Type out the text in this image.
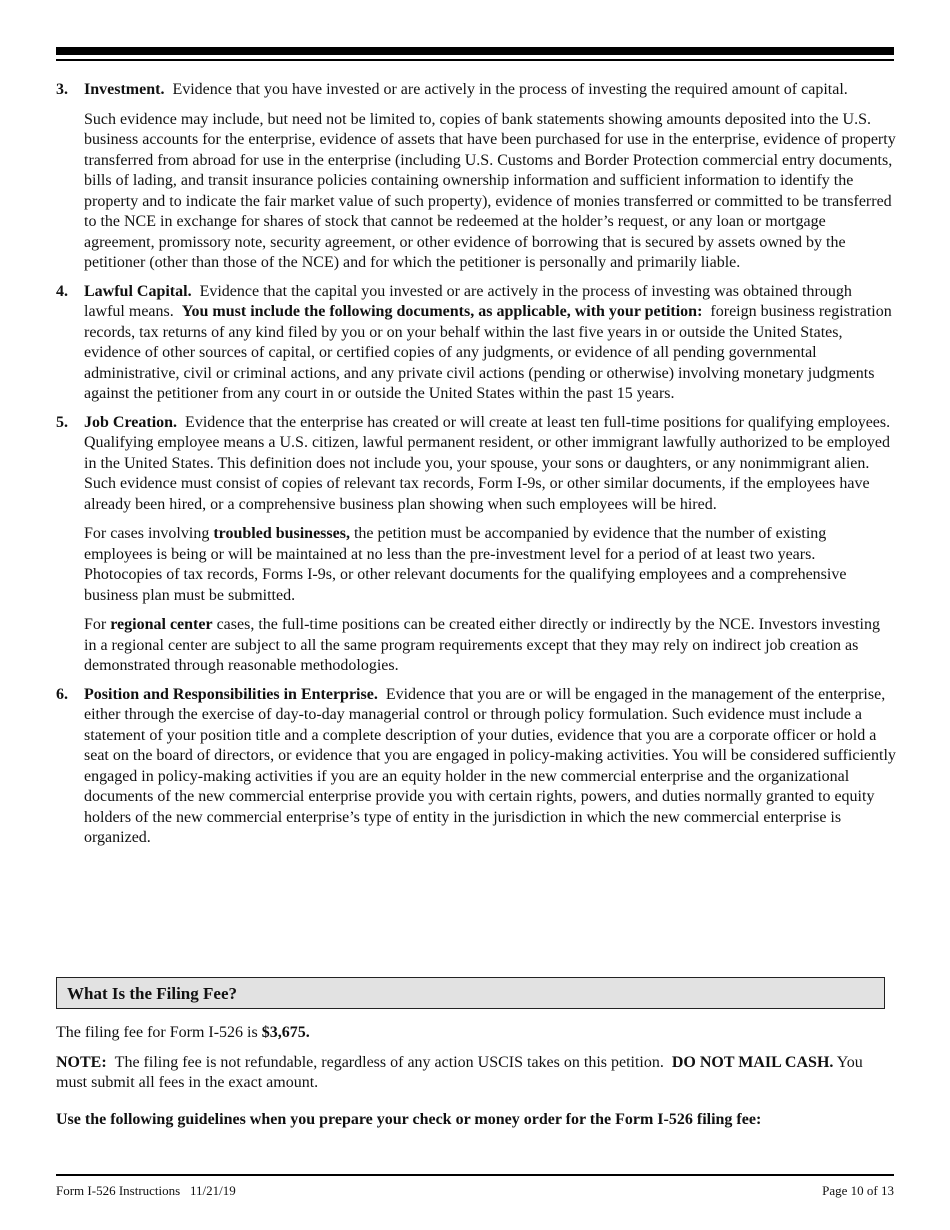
3. Investment. Evidence that you have invested or are actively in the process of investing the required amount of capital.

Such evidence may include, but need not be limited to, copies of bank statements showing amounts deposited into the U.S. business accounts for the enterprise, evidence of assets that have been purchased for use in the enterprise, evidence of property transferred from abroad for use in the enterprise (including U.S. Customs and Border Protection commercial entry documents, bills of lading, and transit insurance policies containing ownership information and sufficient information to identify the property and to indicate the fair market value of such property), evidence of monies transferred or committed to be transferred to the NCE in exchange for shares of stock that cannot be redeemed at the holder’s request, or any loan or mortgage agreement, promissory note, security agreement, or other evidence of borrowing that is secured by assets owned by the petitioner (other than those of the NCE) and for which the petitioner is personally and primarily liable.

4. Lawful Capital. Evidence that the capital you invested or are actively in the process of investing was obtained through lawful means. You must include the following documents, as applicable, with your petition: foreign business registration records, tax returns of any kind filed by you or on your behalf within the last five years in or outside the United States, evidence of other sources of capital, or certified copies of any judgments, or evidence of all pending governmental administrative, civil or criminal actions, and any private civil actions (pending or otherwise) involving monetary judgments against the petitioner from any court in or outside the United States within the past 15 years.

5. Job Creation. Evidence that the enterprise has created or will create at least ten full-time positions for qualifying employees. Qualifying employee means a U.S. citizen, lawful permanent resident, or other immigrant lawfully authorized to be employed in the United States. This definition does not include you, your spouse, your sons or daughters, or any nonimmigrant alien. Such evidence must consist of copies of relevant tax records, Form I-9s, or other similar documents, if the employees have already been hired, or a comprehensive business plan showing when such employees will be hired.

For cases involving troubled businesses, the petition must be accompanied by evidence that the number of existing employees is being or will be maintained at no less than the pre-investment level for a period of at least two years. Photocopies of tax records, Forms I-9s, or other relevant documents for the qualifying employees and a comprehensive business plan must be submitted.

For regional center cases, the full-time positions can be created either directly or indirectly by the NCE. Investors investing in a regional center are subject to all the same program requirements except that they may rely on indirect job creation as demonstrated through reasonable methodologies.

6. Position and Responsibilities in Enterprise. Evidence that you are or will be engaged in the management of the enterprise, either through the exercise of day-to-day managerial control or through policy formulation. Such evidence must include a statement of your position title and a complete description of your duties, evidence that you are a corporate officer or hold a seat on the board of directors, or evidence that you are engaged in policy-making activities. You will be considered sufficiently engaged in policy-making activities if you are an equity holder in the new commercial enterprise and the organizational documents of the new commercial enterprise provide you with certain rights, powers, and duties normally granted to equity holders of the new commercial enterprise’s type of entity in the jurisdiction in which the new commercial enterprise is organized.

What Is the Filing Fee?

The filing fee for Form I-526 is $3,675.

NOTE: The filing fee is not refundable, regardless of any action USCIS takes on this petition. DO NOT MAIL CASH. You must submit all fees in the exact amount.

Use the following guidelines when you prepare your check or money order for the Form I-526 filing fee:

Form I-526 Instructions 11/21/19	Page 10 of 13
